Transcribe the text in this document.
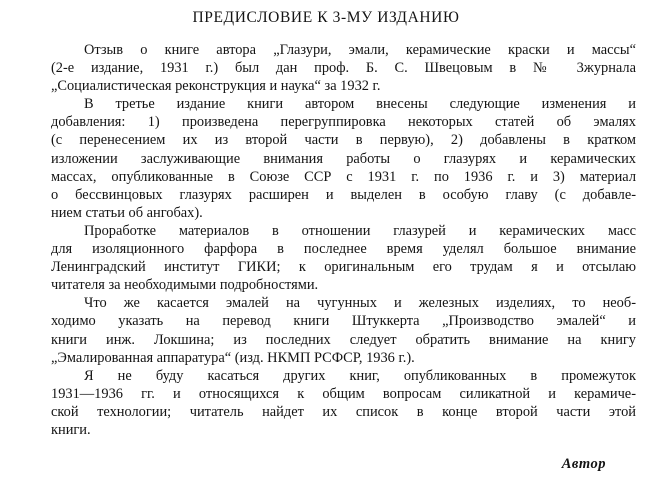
ПРЕДИСЛОВИЕ К 3-МУ ИЗДАНИЮ

Отзыв о книге автора „Глазури, эмали, керамические краски и массы“
(2-е издание, 1931 г.) был дан проф. Б. С. Швецовым в № 3журнала
„Социалистическая реконструкция и наука“ за 1932 г.

В третье издание книги автором внесены следующие изменения и
добавления: 1) произведена перегруппировка некоторых статей об эмалях
(с перенесением их из второй части в первую), 2) добавлены в кратком
изложении заслуживающие внимания работы о глазурях и керамических
массах, опубликованные в Союзе ССР с 1931 г. по 1936 г. и 3) материал
о бессвинцовых глазурях расширен и выделен в особую главу (с добавле-
нием статьи об ангобах).

Проработке материалов в отношении глазурей и керамических масс
для изоляционного фарфора в последнее время уделял большое внимание
Ленинградский институт ГИКИ; к оригинальным его трудам я и отсылаю
читателя за необходимыми подробностями.

Что же касается эмалей на чугунных и железных изделиях, то необ-
ходимо указать на перевод книги Штуккерта „Производство эмалей“ и
книги инж. Локшина; из последних следует обратить внимание на книгу
„Эмалированная аппаратура“ (изд. НКМП РСФСР, 1936 г.).

Я не буду касаться других книг, опубликованных в промежуток
1931—1936 гг. и относящихся к общим вопросам силикатной и керамиче-
ской технологии; читатель найдет их список в конце второй части этой
книги.

Автор
